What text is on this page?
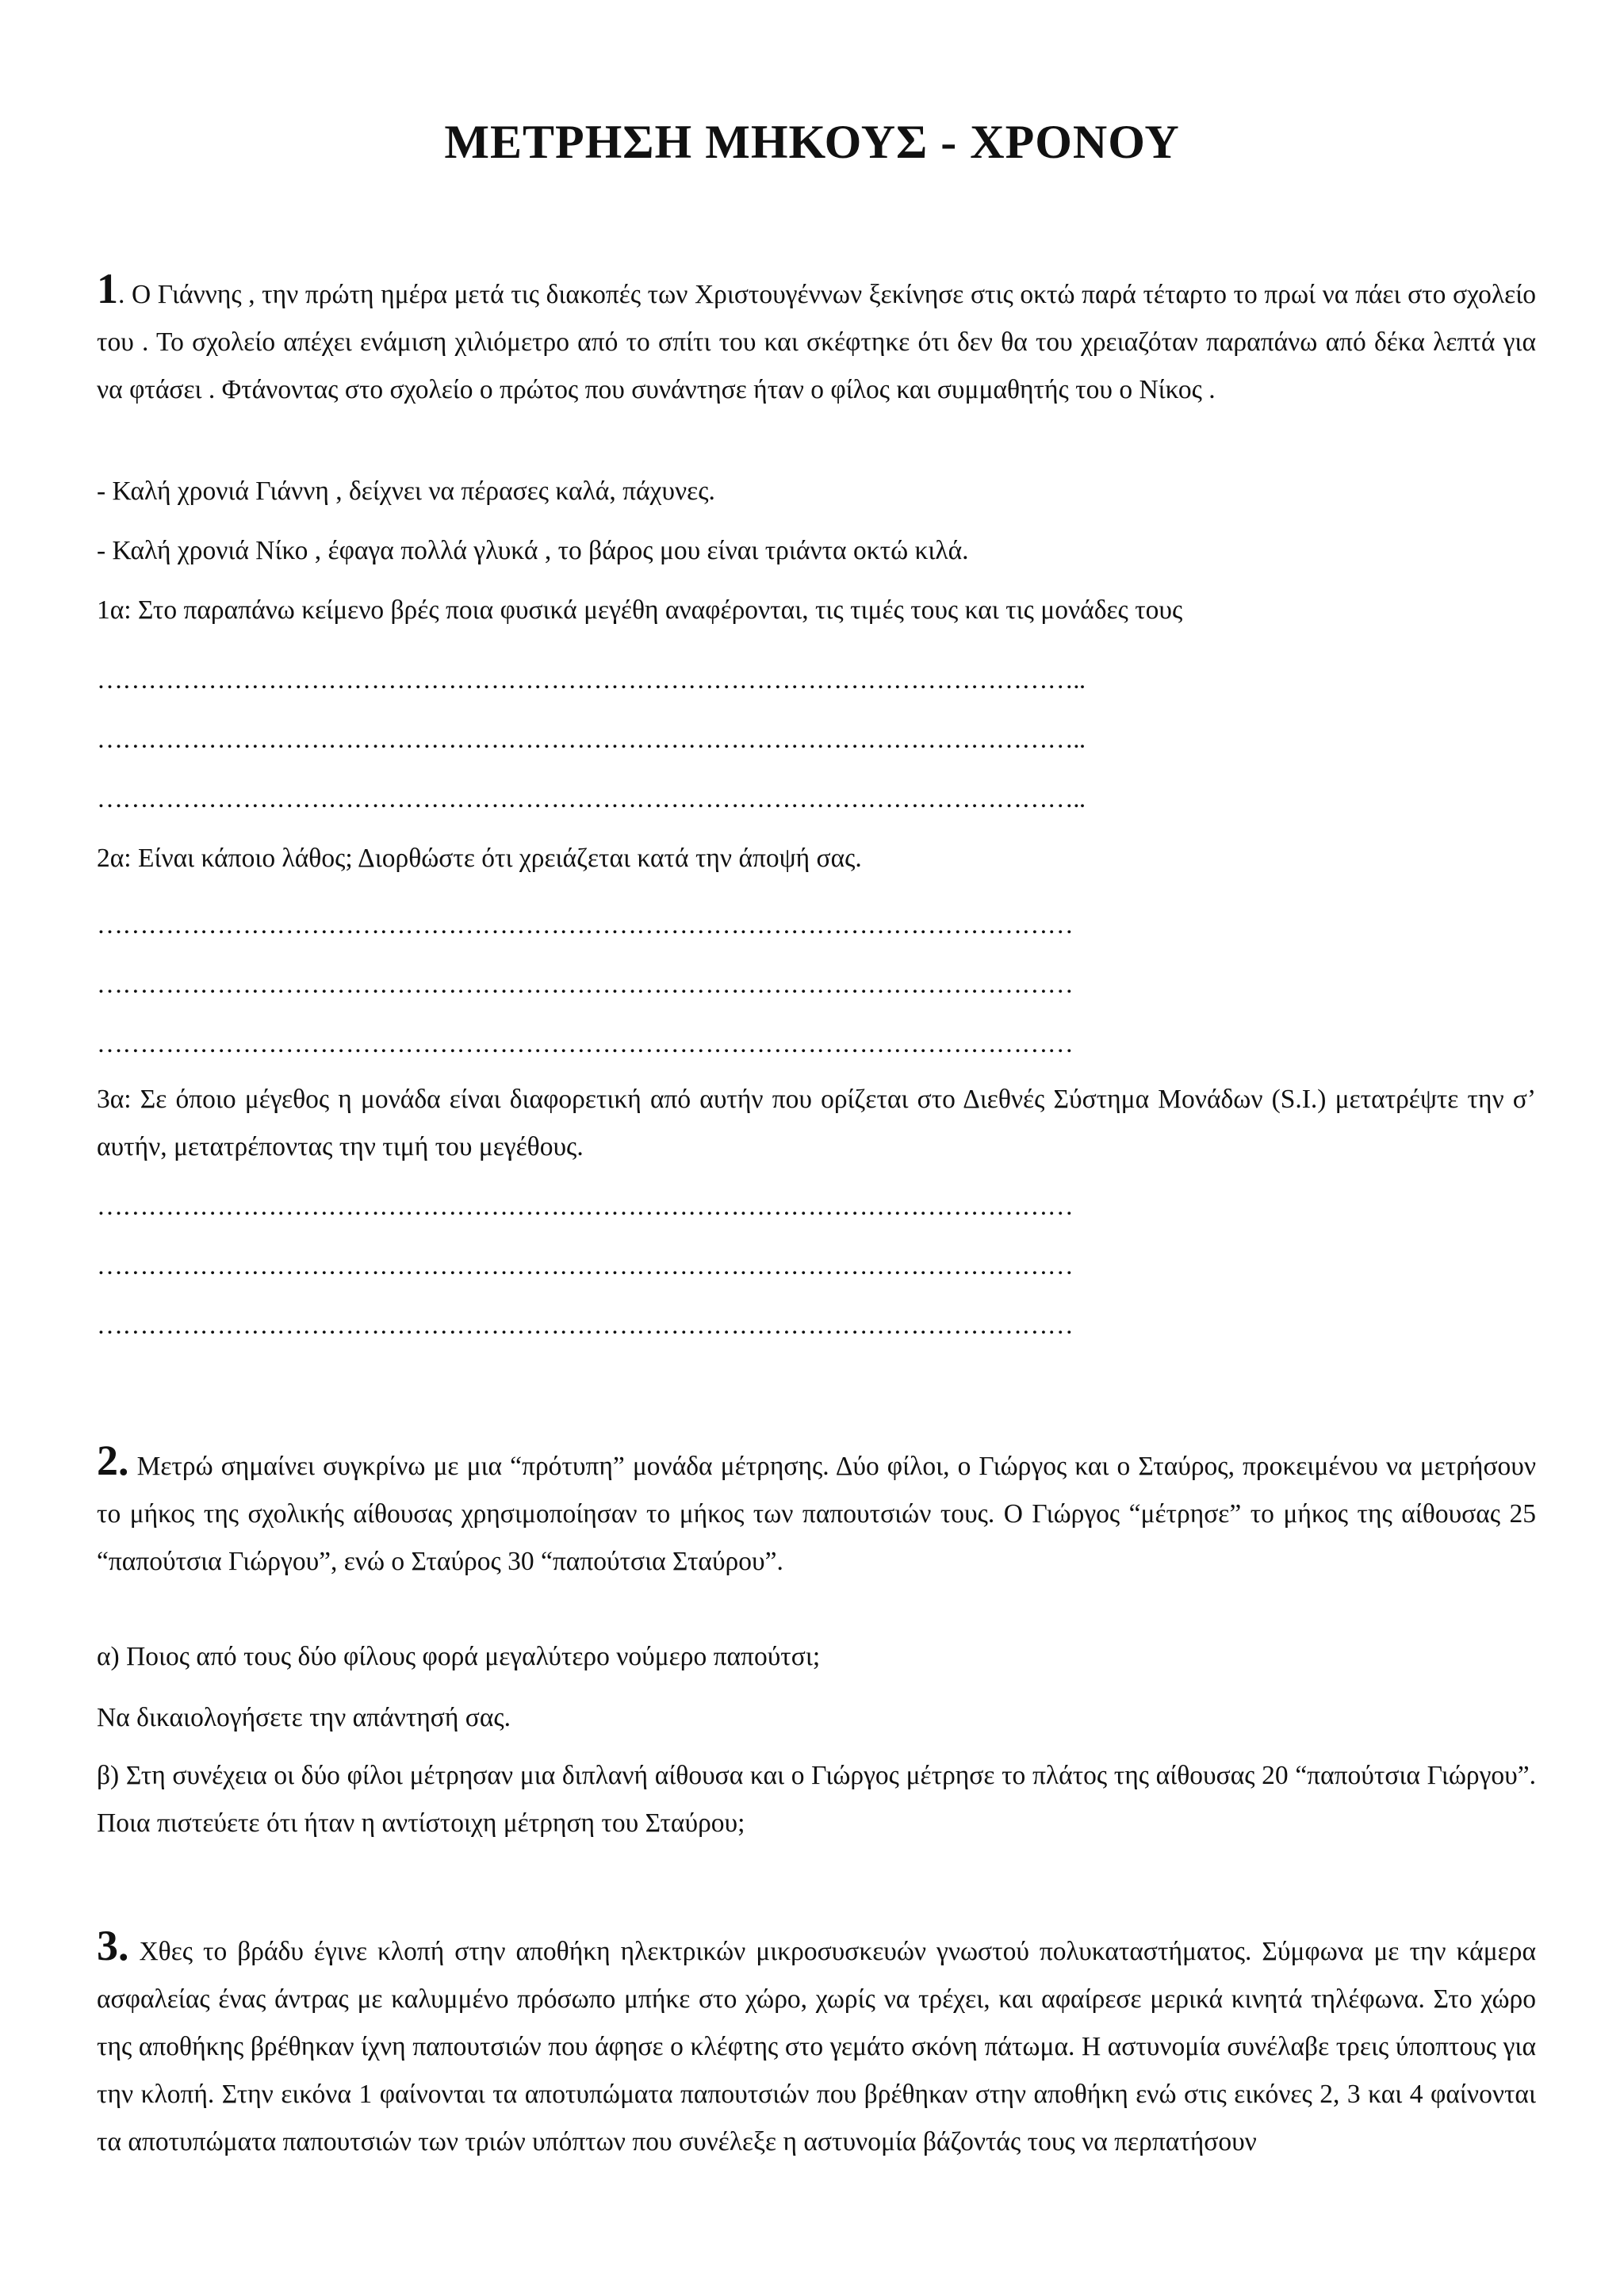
ΜΕΤΡΗΣΗ ΜΗΚΟΥΣ - ΧΡΟΝΟΥ
1. Ο Γιάννης , την πρώτη ημέρα μετά τις διακοπές των Χριστουγέννων ξεκίνησε στις οκτώ παρά τέταρτο το πρωί να πάει στο σχολείο του . Το σχολείο απέχει ενάμιση χιλιόμετρο από το σπίτι του και σκέφτηκε ότι δεν θα του χρειαζόταν παραπάνω από δέκα λεπτά για να φτάσει . Φτάνοντας στο σχολείο ο πρώτος που συνάντησε ήταν ο φίλος και συμμαθητής του ο Νίκος .
- Καλή χρονιά Γιάννη , δείχνει να πέρασες καλά, πάχυνες.
- Καλή χρονιά Νίκο , έφαγα πολλά γλυκά , το βάρος μου είναι τριάντα οκτώ κιλά.
1α: Στο παραπάνω κείμενο βρές ποια φυσικά μεγέθη αναφέρονται, τις τιμές τους και τις μονάδες τους
……………………………………………………………………………………………………..
……………………………………………………………………………………………………..
……………………………………………………………………………………………………..
2α: Είναι κάποιο λάθος; Διορθώστε ότι χρειάζεται κατά την άποψή σας.
……………………………………………………………………………………………………
……………………………………………………………………………………………………
……………………………………………………………………………………………………
3α: Σε όποιο μέγεθος η μονάδα είναι διαφορετική από αυτήν που ορίζεται στο Διεθνές Σύστημα Μονάδων (S.I.) μετατρέψτε την σ’ αυτήν, μετατρέποντας την τιμή του μεγέθους.
……………………………………………………………………………………………………
……………………………………………………………………………………………………
……………………………………………………………………………………………………
2. Μετρώ σημαίνει συγκρίνω με μια “πρότυπη” μονάδα μέτρησης. Δύο φίλοι, ο Γιώργος και ο Σταύρος, προκειμένου να μετρήσουν το μήκος της σχολικής αίθουσας χρησιμοποίησαν το μήκος των παπουτσιών τους. Ο Γιώργος “μέτρησε” το μήκος της αίθουσας 25 “παπούτσια Γιώργου”, ενώ ο Σταύρος 30 “παπούτσια Σταύρου”.
α) Ποιος από τους δύο φίλους φορά μεγαλύτερο νούμερο παπούτσι;
Να δικαιολογήσετε την απάντησή σας.
β) Στη συνέχεια οι δύο φίλοι μέτρησαν μια διπλανή αίθουσα και ο Γιώργος μέτρησε το πλάτος της αίθουσας 20 “παπούτσια Γιώργου”. Ποια πιστεύετε ότι ήταν η αντίστοιχη μέτρηση του Σταύρου;
3. Χθες το βράδυ έγινε κλοπή στην αποθήκη ηλεκτρικών μικροσυσκευών γνωστού πολυκαταστήματος. Σύμφωνα με την κάμερα ασφαλείας ένας άντρας με καλυμμένο πρόσωπο μπήκε στο χώρο, χωρίς να τρέχει, και αφαίρεσε μερικά κινητά τηλέφωνα. Στο χώρο της αποθήκης βρέθηκαν ίχνη παπουτσιών που άφησε ο κλέφτης στο γεμάτο σκόνη πάτωμα. Η αστυνομία συνέλαβε τρεις ύποπτους για την κλοπή. Στην εικόνα 1 φαίνονται τα αποτυπώματα παπουτσιών που βρέθηκαν στην αποθήκη ενώ στις εικόνες 2, 3 και 4 φαίνονται τα αποτυπώματα παπουτσιών των τριών υπόπτων που συνέλεξε η αστυνομία βάζοντάς τους να περπατήσουν
